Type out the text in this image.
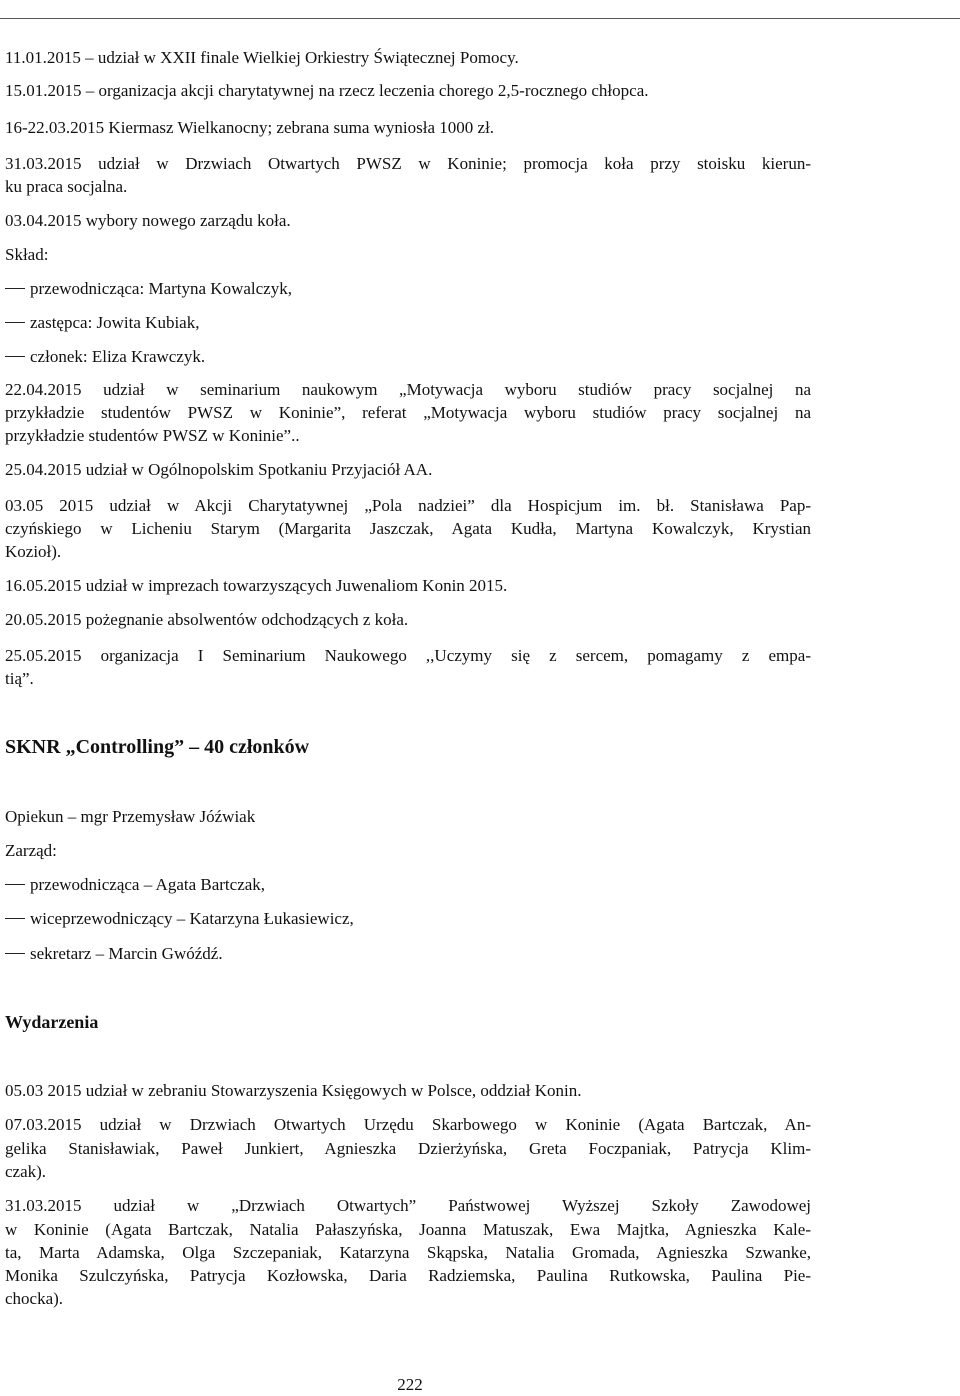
11.01.2015 – udział w XXII finale Wielkiej Orkiestry Świątecznej Pomocy.
15.01.2015 – organizacja akcji charytatywnej na rzecz leczenia chorego 2,5-rocznego chłopca.
16-22.03.2015 Kiermasz Wielkanocny; zebrana suma wyniosła 1000 zł.
31.03.2015 udział w Drzwiach Otwartych PWSZ w Koninie; promocja koła przy stoisku kierun-
ku praca socjalna.
03.04.2015 wybory nowego zarządu koła.
Skład:
przewodnicząca: Martyna Kowalczyk,
zastępca: Jowita Kubiak,
członek: Eliza Krawczyk.
22.04.2015 udział w seminarium naukowym „Motywacja wyboru studiów pracy socjalnej na
przykładzie studentów PWSZ w Koninie”, referat „Motywacja wyboru studiów pracy socjalnej na
przykładzie studentów PWSZ w Koninie”..
25.04.2015 udział w Ogólnopolskim Spotkaniu Przyjaciół AA.
03.05 2015 udział w Akcji Charytatywnej „Pola nadziei” dla Hospicjum im. bł. Stanisława Pap-
czyńskiego w Licheniu Starym (Margarita Jaszczak, Agata Kudła, Martyna Kowalczyk, Krystian
Kozioł).
16.05.2015 udział w imprezach towarzyszących Juwenaliom Konin 2015.
20.05.2015 pożegnanie absolwentów odchodzących z koła.
25.05.2015 organizacja I Seminarium Naukowego ,,Uczymy się z sercem, pomagamy z empa-
tią”.
SKNR „Controlling” – 40 członków
Opiekun – mgr Przemysław Jóźwiak
Zarząd:
przewodnicząca – Agata Bartczak,
wiceprzewodniczący – Katarzyna Łukasiewicz,
sekretarz – Marcin Gwóźdź.
Wydarzenia
05.03 2015 udział w zebraniu Stowarzyszenia Księgowych w Polsce, oddział Konin.
07.03.2015 udział w Drzwiach Otwartych Urzędu Skarbowego w Koninie (Agata Bartczak, An-
gelika Stanisławiak, Paweł Junkiert, Agnieszka Dzierżyńska, Greta Foczpaniak, Patrycja Klim-
czak).
31.03.2015 udział w „Drzwiach Otwartych” Państwowej Wyższej Szkoły Zawodowej
w Koninie (Agata Bartczak, Natalia Pałaszyńska, Joanna Matuszak, Ewa Majtka, Agnieszka Kale-
ta, Marta Adamska, Olga Szczepaniak, Katarzyna Skąpska, Natalia Gromada, Agnieszka Szwanke,
Monika Szulczyńska, Patrycja Kozłowska, Daria Radziemska, Paulina Rutkowska, Paulina Pie-
chocka).
222
